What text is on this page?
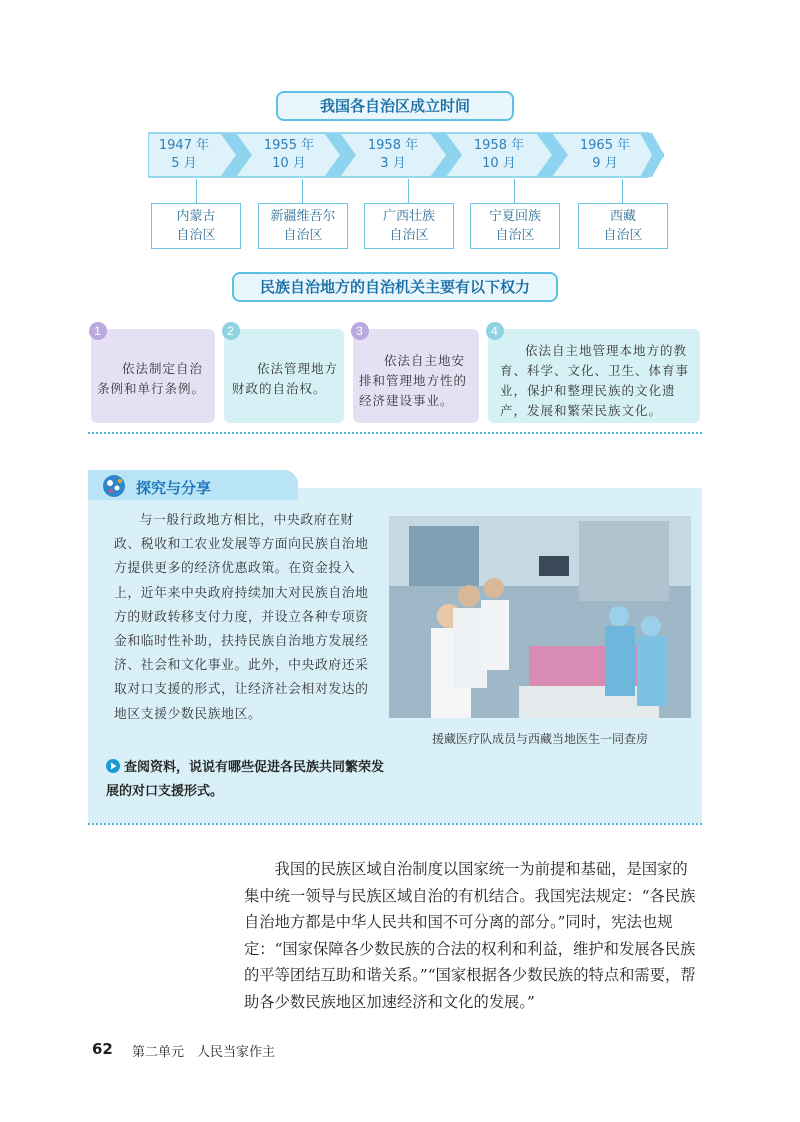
我国各自治区成立时间
1947 年
5 月
1955 年
10 月
1958 年
3 月
1958 年
10 月
1965 年
9 月
内蒙古
自治区
新疆维吾尔
自治区
广西壮族
自治区
宁夏回族
自治区
西藏
自治区
民族自治地方的自治机关主要有以下权力
1
依法制定自治条例和单行条例。
2
依法管理地方财政的自治权。
3
依法自主地安排和管理地方性的经济建设事业。
4
依法自主地管理本地方的教育、科学、文化、卫生、体育事业，保护和整理民族的文化遗产，发展和繁荣民族文化。
探究与分享
与一般行政地方相比，中央政府在财政、税收和工农业发展等方面向民族自治地方提供更多的经济优惠政策。在资金投入上，近年来中央政府持续加大对民族自治地方的财政转移支付力度，并设立各种专项资金和临时性补助，扶持民族自治地方发展经济、社会和文化事业。此外，中央政府还采取对口支援的形式，让经济社会相对发达的地区支援少数民族地区。
援藏医疗队成员与西藏当地医生一同查房
查阅资料，说说有哪些促进各民族共同繁荣发展的对口支援形式。
我国的民族区域自治制度以国家统一为前提和基础，是国家的集中统一领导与民族区域自治的有机结合。我国宪法规定：“各民族自治地方都是中华人民共和国不可分离的部分。”同时，宪法也规定：“国家保障各少数民族的合法的权利和利益，维护和发展各民族的平等团结互助和谐关系。”“国家根据各少数民族的特点和需要，帮助各少数民族地区加速经济和文化的发展。”
62 第二单元　人民当家作主
